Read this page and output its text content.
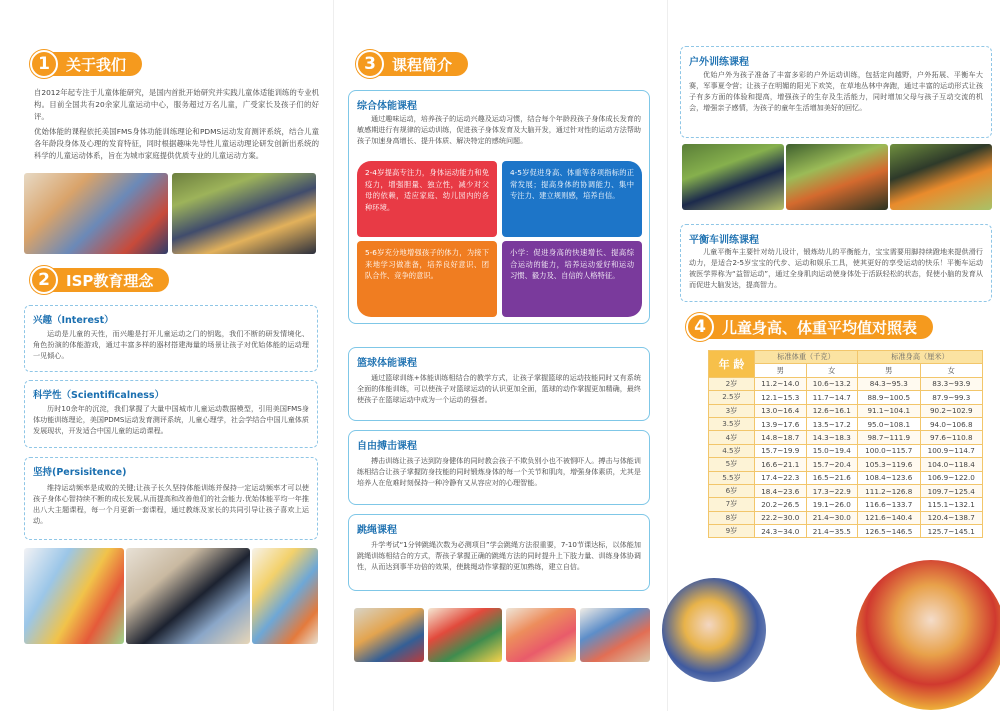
1	关于我们
自2012年起专注于儿童体能研究，是国内首批开始研究并实践儿童体适能训练的专业机构。目前全国共有20余家儿童运动中心，服务超过万名儿童，广受家长及孩子们的好评。
优始体能的课程依托美国FMS身体功能训练理论和PDMS运动发育测评系统，结合儿童各年龄段身体及心理的发育特征，同时根据趣味先导性儿童运动理论研发创新出系统的科学的儿童运动体系，旨在为城市家庭提供优质专业的儿童运动方案。
2	ISP教育理念
兴趣（Interest）
运动是儿童的天性，而兴趣是打开儿童运动之门的钥匙，我们不断的研发情境化、角色扮演的体能游戏，通过丰富多样的器材搭建海量的场景让孩子对优始体能的运动理一见倾心。
科学性（Scientificalness）
历时10余年的沉淀，我们掌握了大量中国城市儿童运动数据模型，引用美国FMS身体功能训练理论，美国PDMS运动发育测评系统，儿童心理学，社会学结合中国儿童体质发展现状，开发适合中国儿童的运动课程。
坚持(Persisitence)
维持运动频率是成败的关键;让孩子长久坚持体能训练并保持一定运动频率才可以使孩子身体心智持续不断的成长发展,从而提高和改善他们的社会能力.优始体能平均一年推出八大主题课程，每一个月更新一套课程，通过教练及家长的共同引导让孩子喜欢上运动。
3	课程简介
综合体能课程
通过趣味运动，培养孩子的运动兴趣及运动习惯，结合每个年龄段孩子身体成长发育的敏感期进行有规律的运动训练，促进孩子身体发育及大脑开发，通过针对性的运动方法帮助孩子加速身高增长、提升体质、解决特定的感统问题。
2-4岁提高专注力，身体运动能力和免疫力，增强胆量、独立性，减少对父母的依赖，适应家庭、幼儿园内的各种环境。
4-5岁促进身高、体重等各项指标的正常发展；提高身体的协调能力、集中专注力、建立规则感，培养自信。
5-6岁充分地增强孩子的体力，为接下来地学习做准备，培养良好意识、团队合作、竞争的意识。
小学：促进身高的快速增长、提高综合运动的能力，培养运动爱好和运动习惯、毅力及、自信的人格特征。
篮球体能课程
通过篮球训练+体能训练相结合的教学方式，让孩子掌握篮球的运动技能同时又有系统全面的体能训练，可以使孩子对篮球运动的认识更加全面，篮球的动作掌握更加精确，最终使孩子在篮球运动中成为一个运动的强者。
自由搏击课程
搏击训练让孩子达到防身健体的同时教会孩子不欺负别小也不被恫吓人。搏击与体能训练相结合让孩子掌握防身技能的同时锻炼身体的每一个关节和肌肉，增强身体素质，尤其是培养人在危难时刻保持一种冷静有又从容应对的心理智能。
跳绳课程
升学考试“1分钟跳绳次数为必测项目”学会跳绳方法很重要，7-10节课达标，以体能加跳绳训练相结合的方式，帮孩子掌握正确的跳绳方法的同时提升上下肢力量、训练身体协调性，从而达到事半功倍的效果，使跳绳动作掌握的更加熟练，建立自信。
户外训练课程
优始户外为孩子准备了丰富多彩的户外运动训练，包括定向越野，户外拓展、平衡车大赛，军事夏令营；让孩子在明媚的阳光下欢笑，在草地丛林中奔跑，通过丰富的运动形式让孩子有多方面的体验和提高，增强孩子的生存及生活能力，同时增加父母与孩子互动交流的机会，增强亲子感情，为孩子的童年生活增加美好的回忆。
平衡车训练课程
儿童平衡车主要针对幼儿设计，锻炼幼儿的平衡能力，宝宝需要用脚持续蹬地来提供滑行动力，是适合2-5岁宝宝的代步、运动和娱乐工具，使其更好的享受运动的快乐！平衡车运动被医学界称为“益智运动”，通过全身肌肉运动使身体处于活跃轻松的状态，促使小脑的发育从而促进大脑发达，提高智力。
4	儿童身高、体重平均值对照表
年 龄	标准体重（千克）		标准身高（厘米）	
	男	女	男	女
2岁	11.2~14.0	10.6~13.2	84.3~95.3	83.3~93.9
2.5岁	12.1~15.3	11.7~14.7	88.9~100.5	87.9~99.3
3岁	13.0~16.4	12.6~16.1	91.1~104.1	90.2~102.9
3.5岁	13.9~17.6	13.5~17.2	95.0~108.1	94.0~106.8
4岁	14.8~18.7	14.3~18.3	98.7~111.9	97.6~110.8
4.5岁	15.7~19.9	15.0~19.4	100.0~115.7	100.9~114.7
5岁	16.6~21.1	15.7~20.4	105.3~119.6	104.0~118.4
5.5岁	17.4~22.3	16.5~21.6	108.4~123.6	106.9~122.0
6岁	18.4~23.6	17.3~22.9	111.2~126.8	109.7~125.4
7岁	20.2~26.5	19.1~26.0	116.6~133.7	115.1~132.1
8岁	22.2~30.0	21.4~30.0	121.6~140.4	120.4~138.7
9岁	24.3~34.0	21.4~35.5	126.5~146.5	125.7~145.1
